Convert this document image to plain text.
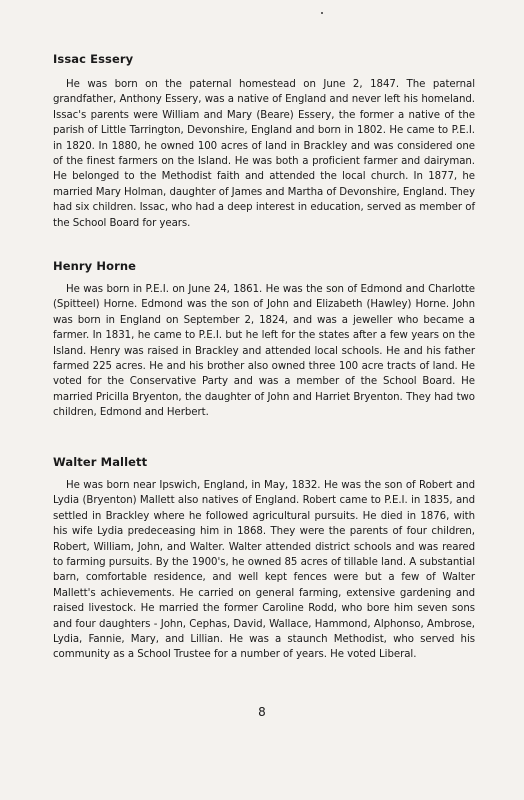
Issac Essery

He was born on the paternal homestead on June 2, 1847. The paternal grandfather, Anthony Essery, was a native of England and never left his homeland. Issac's parents were William and Mary (Beare) Essery, the former a native of the parish of Little Tarrington, Devonshire, England and born in 1802. He came to P.E.I. in 1820. In 1880, he owned 100 acres of land in Brackley and was considered one of the finest farmers on the Island. He was both a proficient farmer and dairyman. He belonged to the Methodist faith and attended the local church. In 1877, he married Mary Holman, daughter of James and Martha of Devonshire, England. They had six children. Issac, who had a deep interest in education, served as member of the School Board for years.

Henry Horne

He was born in P.E.I. on June 24, 1861. He was the son of Edmond and Charlotte (Spitteel) Horne. Edmond was the son of John and Elizabeth (Hawley) Horne. John was born in England on September 2, 1824, and was a jeweller who became a farmer. In 1831, he came to P.E.I. but he left for the states after a few years on the Island. Henry was raised in Brackley and attended local schools. He and his father farmed 225 acres. He and his brother also owned three 100 acre tracts of land. He voted for the Conservative Party and was a member of the School Board. He married Pricilla Bryenton, the daughter of John and Harriet Bryenton. They had two children, Edmond and Herbert.

Walter Mallett

He was born near Ipswich, England, in May, 1832. He was the son of Robert and Lydia (Bryenton) Mallett also natives of England. Robert came to P.E.I. in 1835, and settled in Brackley where he followed agricultural pursuits. He died in 1876, with his wife Lydia predeceasing him in 1868. They were the parents of four children, Robert, William, John, and Walter. Walter attended district schools and was reared to farming pursuits. By the 1900's, he owned 85 acres of tillable land. A substantial barn, comfortable residence, and well kept fences were but a few of Walter Mallett's achievements. He carried on general farming, extensive gardening and raised livestock. He married the former Caroline Rodd, who bore him seven sons and four daughters - John, Cephas, David, Wallace, Hammond, Alphonso, Ambrose, Lydia, Fannie, Mary, and Lillian. He was a staunch Methodist, who served his community as a School Trustee for a number of years. He voted Liberal.

8
